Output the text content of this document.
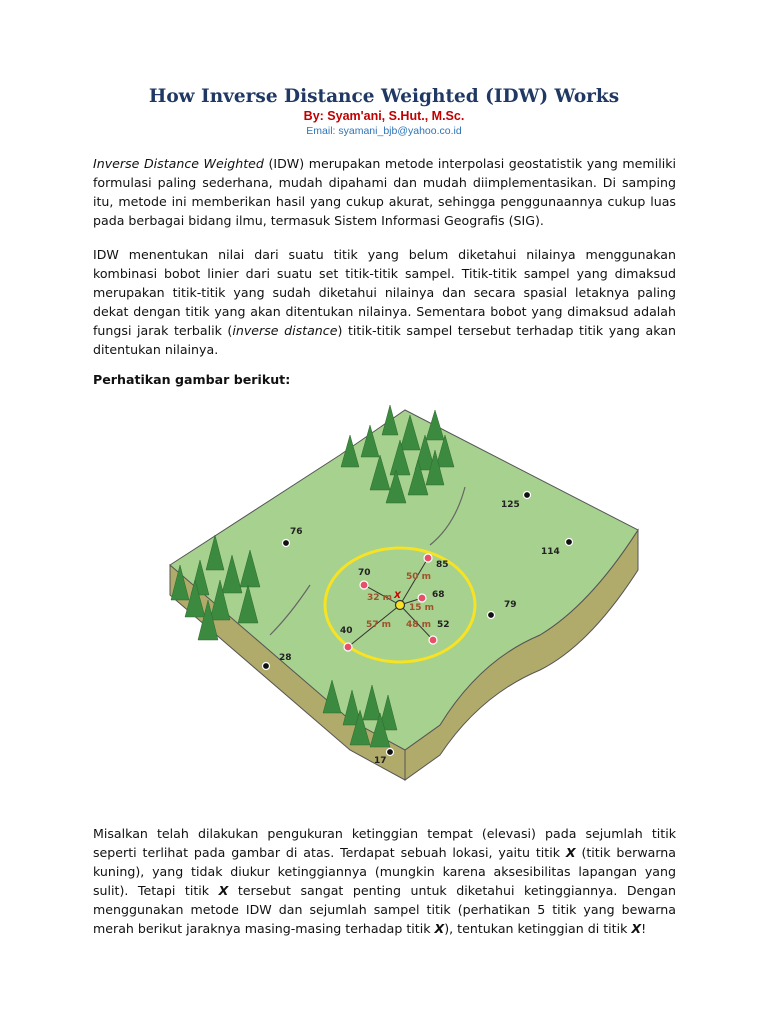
How Inverse Distance Weighted (IDW) Works
By: Syam'ani, S.Hut., M.Sc.
Email: syamani_bjb@yahoo.co.id

Inverse Distance Weighted (IDW) merupakan metode interpolasi geostatistik yang memiliki formulasi paling sederhana, mudah dipahami dan mudah diimplementasikan. Di samping itu, metode ini memberikan hasil yang cukup akurat, sehingga penggunaannya cukup luas pada berbagai bidang ilmu, termasuk Sistem Informasi Geografis (SIG).

IDW menentukan nilai dari suatu titik yang belum diketahui nilainya menggunakan kombinasi bobot linier dari suatu set titik-titik sampel. Titik-titik sampel yang dimaksud merupakan titik-titik yang sudah diketahui nilainya dan secara spasial letaknya paling dekat dengan titik yang akan ditentukan nilainya. Sementara bobot yang dimaksud adalah fungsi jarak terbalik (inverse distance) titik-titik sampel tersebut terhadap titik yang akan ditentukan nilainya.

Perhatikan gambar berikut:

X
70
85
68
40
52
32 m
50 m
15 m
57 m 48 m
76
125
114
79
28
17

Misalkan telah dilakukan pengukuran ketinggian tempat (elevasi) pada sejumlah titik seperti terlihat pada gambar di atas. Terdapat sebuah lokasi, yaitu titik X (titik berwarna kuning), yang tidak diukur ketinggiannya (mungkin karena aksesibilitas lapangan yang sulit). Tetapi titik X tersebut sangat penting untuk diketahui ketinggiannya. Dengan menggunakan metode IDW dan sejumlah sampel titik (perhatikan 5 titik yang bewarna merah berikut jaraknya masing-masing terhadap titik X), tentukan ketinggian di titik X!
